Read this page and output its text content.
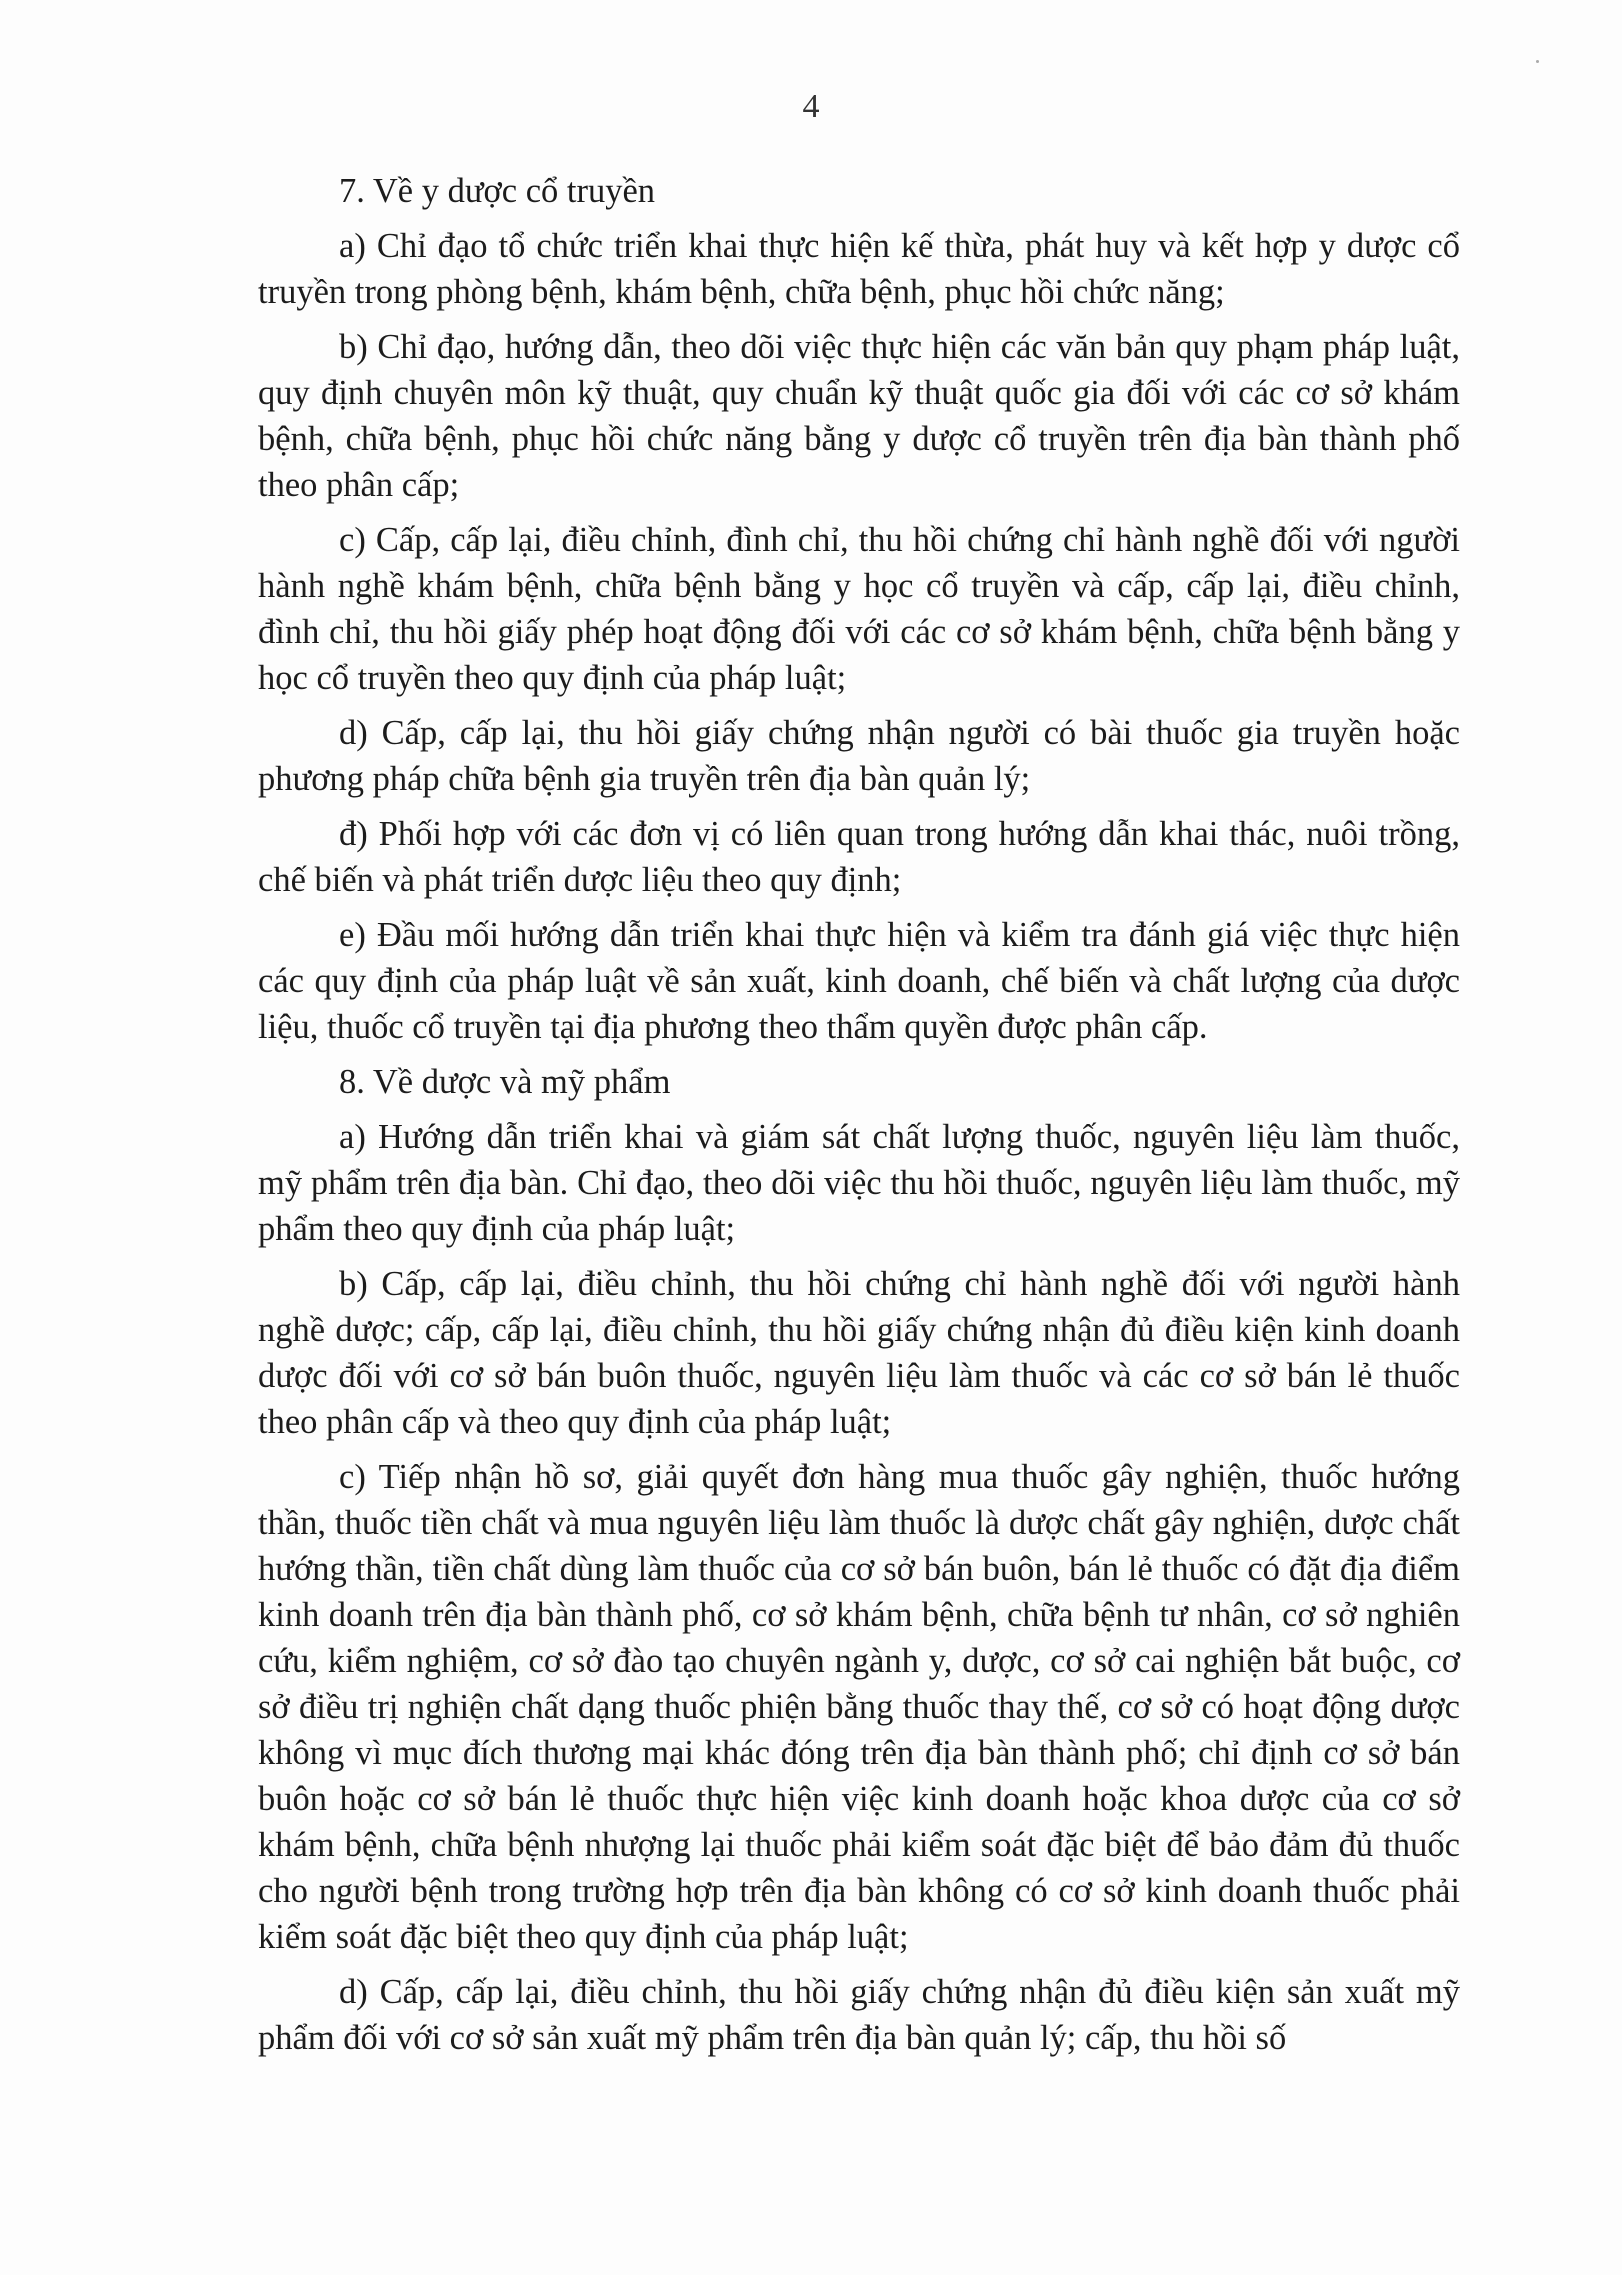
4
7. Về y dược cổ truyền

a) Chỉ đạo tổ chức triển khai thực hiện kế thừa, phát huy và kết hợp y dược cổ truyền trong phòng bệnh, khám bệnh, chữa bệnh, phục hồi chức năng;

b) Chỉ đạo, hướng dẫn, theo dõi việc thực hiện các văn bản quy phạm pháp luật, quy định chuyên môn kỹ thuật, quy chuẩn kỹ thuật quốc gia đối với các cơ sở khám bệnh, chữa bệnh, phục hồi chức năng bằng y dược cổ truyền trên địa bàn thành phố theo phân cấp;

c) Cấp, cấp lại, điều chỉnh, đình chỉ, thu hồi chứng chỉ hành nghề đối với người hành nghề khám bệnh, chữa bệnh bằng y học cổ truyền và cấp, cấp lại, điều chỉnh, đình chỉ, thu hồi giấy phép hoạt động đối với các cơ sở khám bệnh, chữa bệnh bằng y học cổ truyền theo quy định của pháp luật;

d) Cấp, cấp lại, thu hồi giấy chứng nhận người có bài thuốc gia truyền hoặc phương pháp chữa bệnh gia truyền trên địa bàn quản lý;

đ) Phối hợp với các đơn vị có liên quan trong hướng dẫn khai thác, nuôi trồng, chế biến và phát triển dược liệu theo quy định;

e) Đầu mối hướng dẫn triển khai thực hiện và kiểm tra đánh giá việc thực hiện các quy định của pháp luật về sản xuất, kinh doanh, chế biến và chất lượng của dược liệu, thuốc cổ truyền tại địa phương theo thẩm quyền được phân cấp.

8. Về dược và mỹ phẩm

a) Hướng dẫn triển khai và giám sát chất lượng thuốc, nguyên liệu làm thuốc, mỹ phẩm trên địa bàn. Chỉ đạo, theo dõi việc thu hồi thuốc, nguyên liệu làm thuốc, mỹ phẩm theo quy định của pháp luật;

b) Cấp, cấp lại, điều chỉnh, thu hồi chứng chỉ hành nghề đối với người hành nghề dược; cấp, cấp lại, điều chỉnh, thu hồi giấy chứng nhận đủ điều kiện kinh doanh dược đối với cơ sở bán buôn thuốc, nguyên liệu làm thuốc và các cơ sở bán lẻ thuốc theo phân cấp và theo quy định của pháp luật;

c) Tiếp nhận hồ sơ, giải quyết đơn hàng mua thuốc gây nghiện, thuốc hướng thần, thuốc tiền chất và mua nguyên liệu làm thuốc là dược chất gây nghiện, dược chất hướng thần, tiền chất dùng làm thuốc của cơ sở bán buôn, bán lẻ thuốc có đặt địa điểm kinh doanh trên địa bàn thành phố, cơ sở khám bệnh, chữa bệnh tư nhân, cơ sở nghiên cứu, kiểm nghiệm, cơ sở đào tạo chuyên ngành y, dược, cơ sở cai nghiện bắt buộc, cơ sở điều trị nghiện chất dạng thuốc phiện bằng thuốc thay thế, cơ sở có hoạt động dược không vì mục đích thương mại khác đóng trên địa bàn thành phố; chỉ định cơ sở bán buôn hoặc cơ sở bán lẻ thuốc thực hiện việc kinh doanh hoặc khoa dược của cơ sở khám bệnh, chữa bệnh nhượng lại thuốc phải kiểm soát đặc biệt để bảo đảm đủ thuốc cho người bệnh trong trường hợp trên địa bàn không có cơ sở kinh doanh thuốc phải kiểm soát đặc biệt theo quy định của pháp luật;

d) Cấp, cấp lại, điều chỉnh, thu hồi giấy chứng nhận đủ điều kiện sản xuất mỹ phẩm đối với cơ sở sản xuất mỹ phẩm trên địa bàn quản lý; cấp, thu hồi số
